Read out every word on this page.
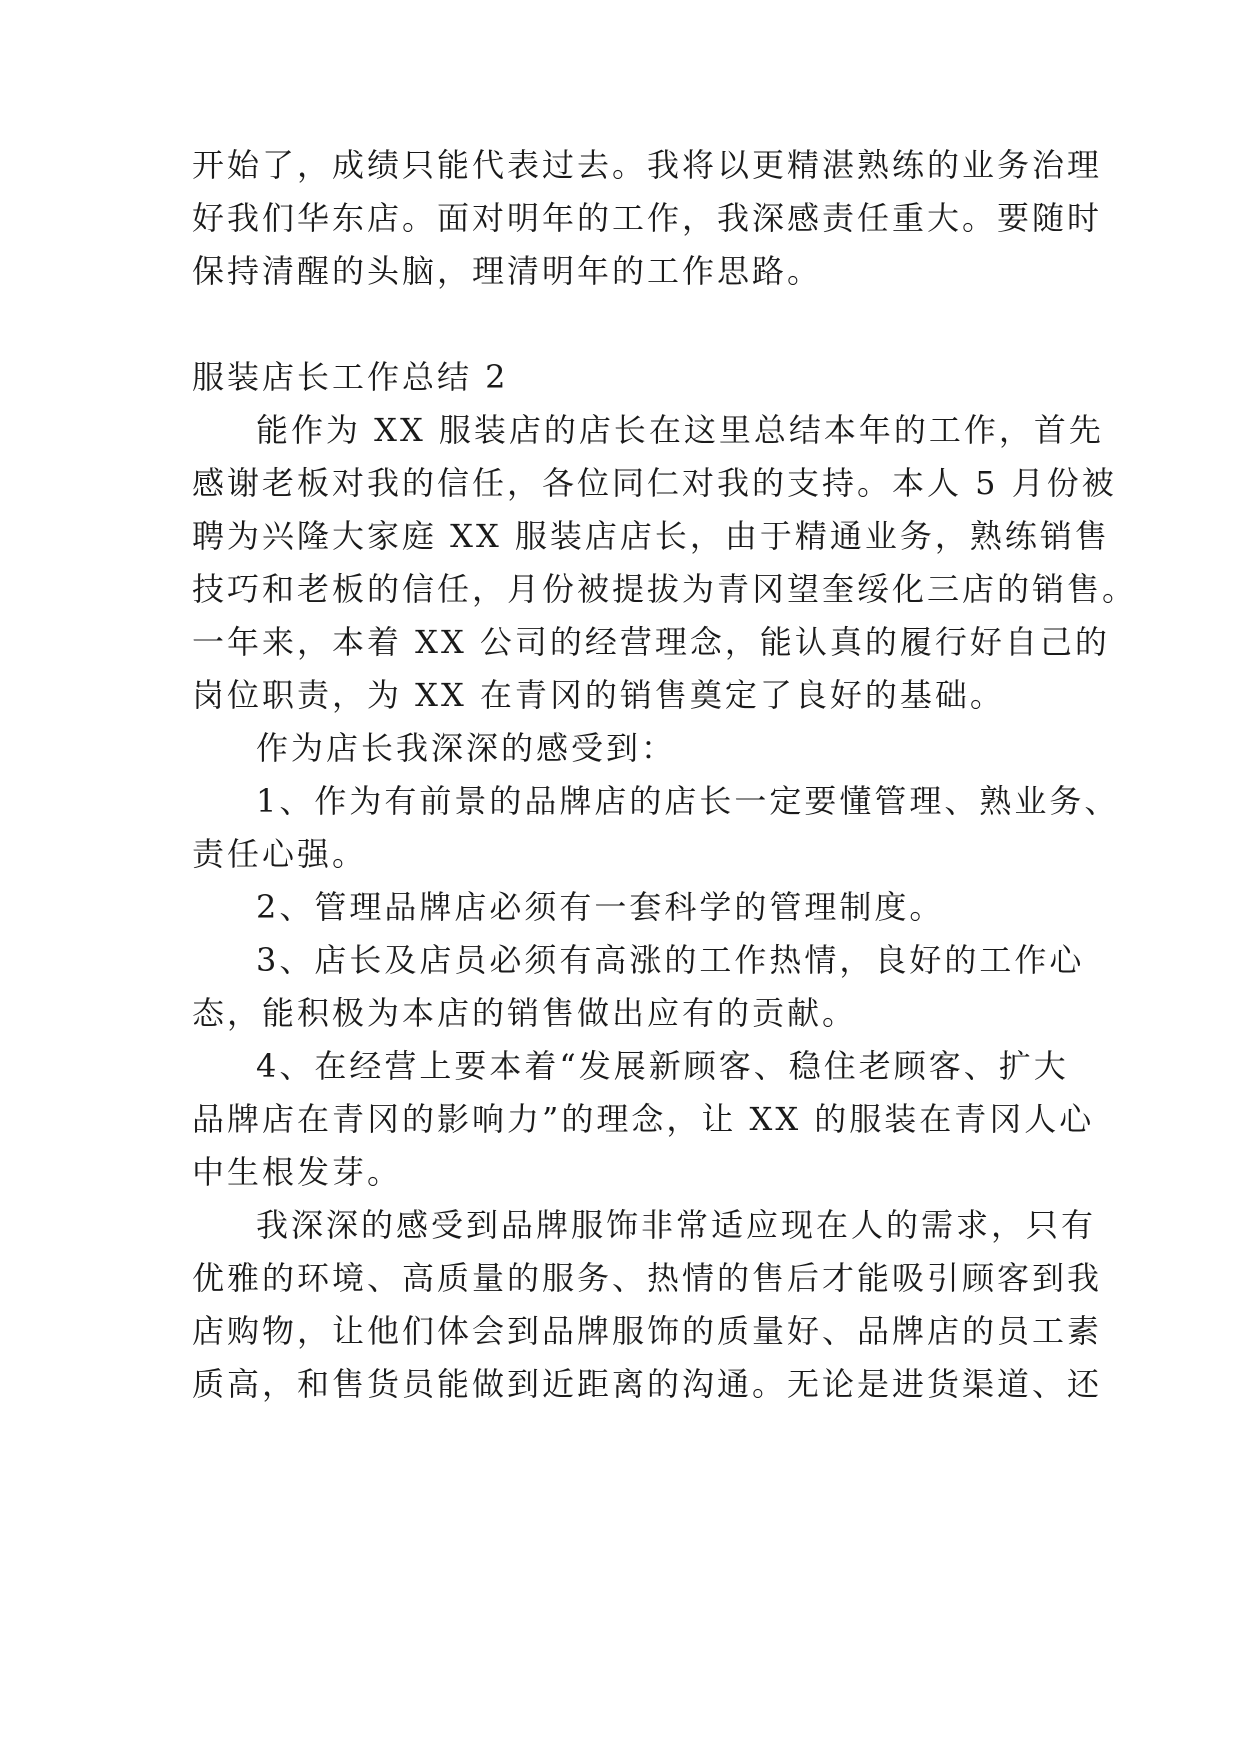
开始了，成绩只能代表过去。我将以更精湛熟练的业务治理
好我们华东店。面对明年的工作，我深感责任重大。要随时
保持清醒的头脑，理清明年的工作思路。
服装店长工作总结 2
能作为 XX 服装店的店长在这里总结本年的工作，首先
感谢老板对我的信任，各位同仁对我的支持。本人 5 月份被
聘为兴隆大家庭 XX 服装店店长，由于精通业务，熟练销售
技巧和老板的信任，月份被提拔为青冈望奎绥化三店的销售。
一年来，本着 XX 公司的经营理念，能认真的履行好自己的
岗位职责，为 XX 在青冈的销售奠定了良好的基础。
作为店长我深深的感受到：
1、作为有前景的品牌店的店长一定要懂管理、熟业务、
责任心强。
2、管理品牌店必须有一套科学的管理制度。
3、店长及店员必须有高涨的工作热情，良好的工作心
态，能积极为本店的销售做出应有的贡献。
4、在经营上要本着“发展新顾客、稳住老顾客、扩大
品牌店在青冈的影响力”的理念，让 XX 的服装在青冈人心
中生根发芽。
我深深的感受到品牌服饰非常适应现在人的需求，只有
优雅的环境、高质量的服务、热情的售后才能吸引顾客到我
店购物，让他们体会到品牌服饰的质量好、品牌店的员工素
质高，和售货员能做到近距离的沟通。无论是进货渠道、还
